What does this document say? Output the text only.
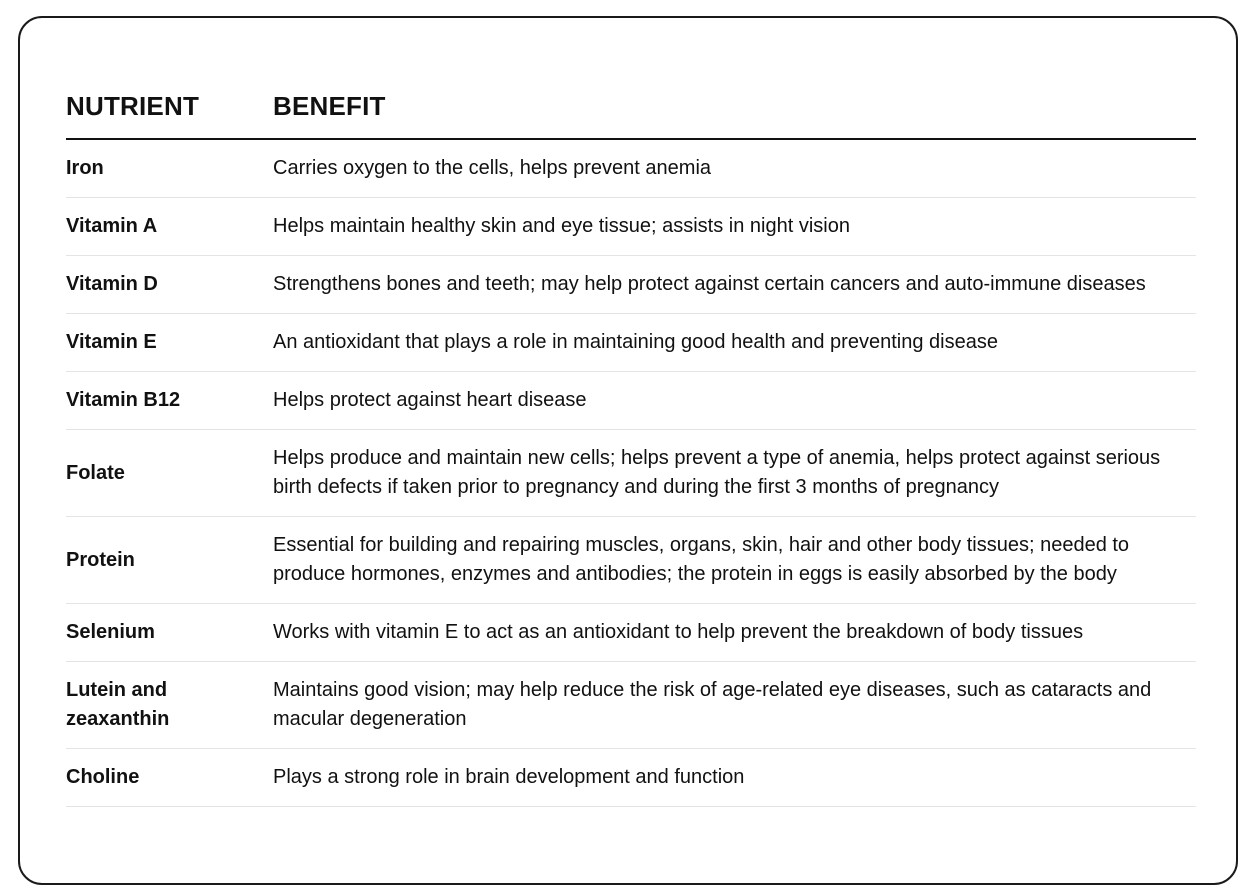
NUTRIENT	BENEFIT
Iron	Carries oxygen to the cells, helps prevent anemia
Vitamin A	Helps maintain healthy skin and eye tissue; assists in night vision
Vitamin D	Strengthens bones and teeth; may help protect against certain cancers and auto-immune diseases
Vitamin E	An antioxidant that plays a role in maintaining good health and preventing disease
Vitamin B12	Helps protect against heart disease
Folate	Helps produce and maintain new cells; helps prevent a type of anemia, helps protect against serious birth defects if taken prior to pregnancy and during the first 3 months of pregnancy
Protein	Essential for building and repairing muscles, organs, skin, hair and other body tissues; needed to produce hormones, enzymes and antibodies; the protein in eggs is easily absorbed by the body
Selenium	Works with vitamin E to act as an antioxidant to help prevent the breakdown of body tissues
Lutein and zeaxanthin	Maintains good vision; may help reduce the risk of age-related eye diseases, such as cataracts and macular degeneration
Choline	Plays a strong role in brain development and function
